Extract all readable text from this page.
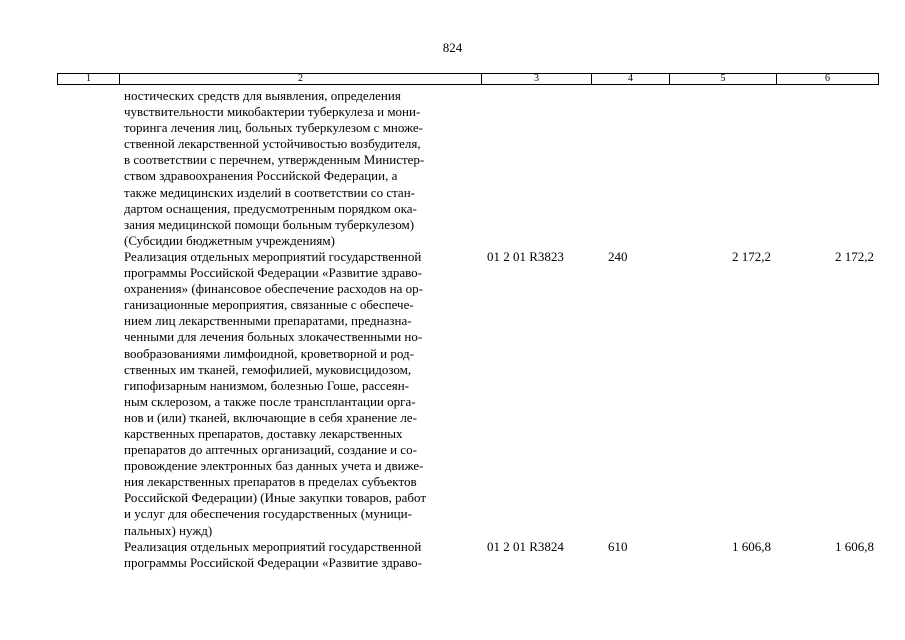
824
1	2	3	4	5	6
ностических средств для выявления, определения
чувствительности микобактерии туберкулеза и мони-
торинга лечения лиц, больных туберкулезом с множе-
ственной лекарственной устойчивостью возбудителя,
в соответствии с перечнем, утвержденным Министер-
ством здравоохранения Российской Федерации, а
также медицинских изделий в соответствии со стан-
дартом оснащения, предусмотренным порядком ока-
зания медицинской помощи больным туберкулезом)
(Субсидии бюджетным учреждениям)
Реализация отдельных мероприятий государственной	01 2 01 R3823	240	2 172,2	2 172,2
программы Российской Федерации «Развитие здраво-
охранения» (финансовое обеспечение расходов на ор-
ганизационные мероприятия, связанные с обеспече-
нием лиц лекарственными препаратами, предназна-
ченными для лечения больных злокачественными но-
вообразованиями лимфоидной, кроветворной и род-
ственных им тканей, гемофилией, муковисцидозом,
гипофизарным нанизмом, болезнью Гоше, рассеян-
ным склерозом, а также после трансплантации орга-
нов и (или) тканей, включающие в себя хранение ле-
карственных препаратов, доставку лекарственных
препаратов до аптечных организаций, создание и со-
провождение электронных баз данных учета и движе-
ния лекарственных препаратов в пределах субъектов
Российской Федерации) (Иные закупки товаров, работ
и услуг для обеспечения государственных (муници-
пальных) нужд)
Реализация отдельных мероприятий государственной	01 2 01 R3824	610	1 606,8	1 606,8
программы Российской Федерации «Развитие здраво-
